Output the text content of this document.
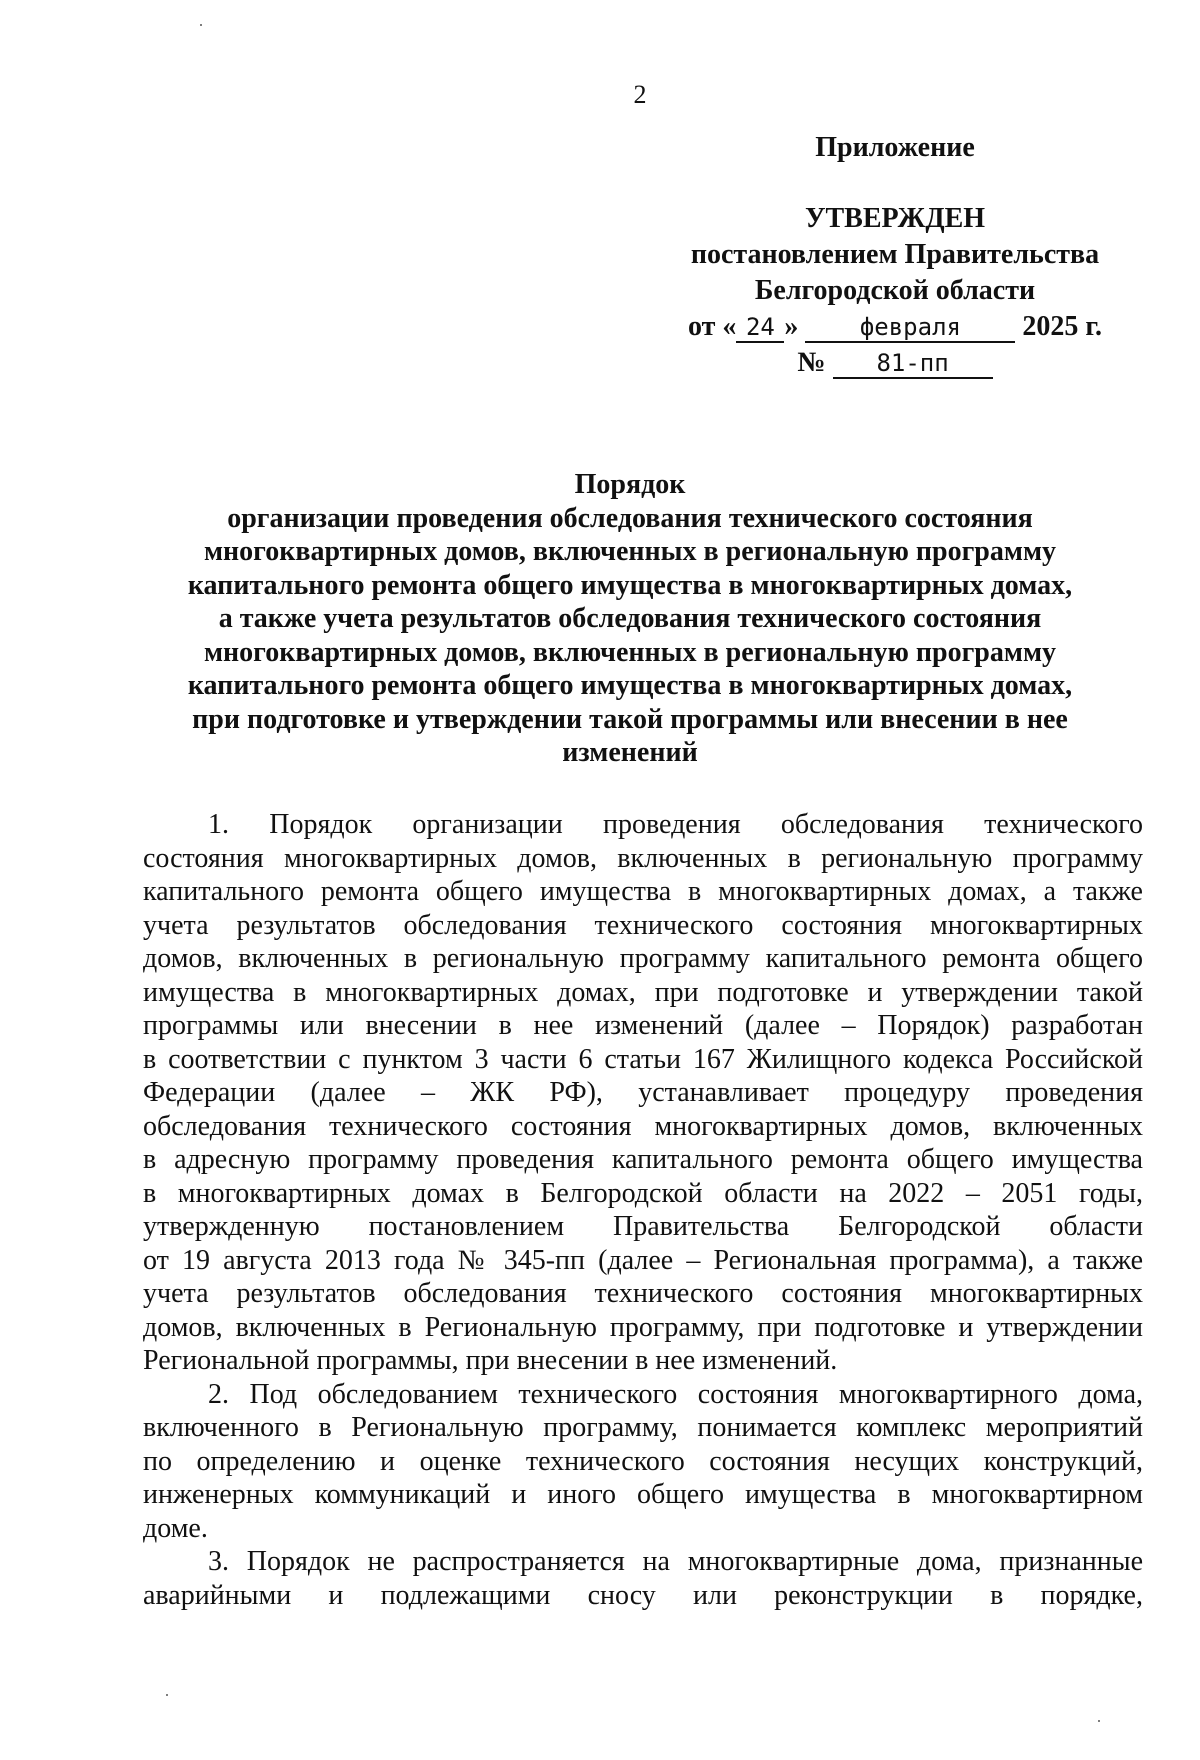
2
Приложение
УТВЕРЖДЕН
постановлением Правительства
Белгородской области
от « 24 »	февраля 2025 г.
№ 81-пп
Порядок
организации проведения обследования технического состояния
многоквартирных домов, включенных в региональную программу
капитального ремонта общего имущества в многоквартирных домах,
а также учета результатов обследования технического состояния
многоквартирных домов, включенных в региональную программу
капитального ремонта общего имущества в многоквартирных домах,
при подготовке и утверждении такой программы или внесении в нее
изменений
1. Порядок организации проведения обследования технического
состояния многоквартирных домов, включенных в региональную программу
капитального ремонта общего имущества в многоквартирных домах, а также
учета результатов обследования технического состояния многоквартирных
домов, включенных в региональную программу капитального ремонта общего
имущества в многоквартирных домах, при подготовке и утверждении такой
программы или внесении в нее изменений (далее – Порядок) разработан
в соответствии с пунктом 3 части 6 статьи 167 Жилищного кодекса Российской
Федерации (далее – ЖК РФ), устанавливает процедуру проведения
обследования технического состояния многоквартирных домов, включенных
в адресную программу проведения капитального ремонта общего имущества
в многоквартирных домах в Белгородской области на 2022 – 2051 годы,
утвержденную постановлением Правительства Белгородской области
от 19 августа 2013 года № 345-пп (далее – Региональная программа), а также
учета результатов обследования технического состояния многоквартирных
домов, включенных в Региональную программу, при подготовке и утверждении
Региональной программы, при внесении в нее изменений.
2. Под обследованием технического состояния многоквартирного дома,
включенного в Региональную программу, понимается комплекс мероприятий
по определению и оценке технического состояния несущих конструкций,
инженерных коммуникаций и иного общего имущества в многоквартирном
доме.
3. Порядок не распространяется на многоквартирные дома, признанные
аварийными и подлежащими сносу или реконструкции в порядке,
